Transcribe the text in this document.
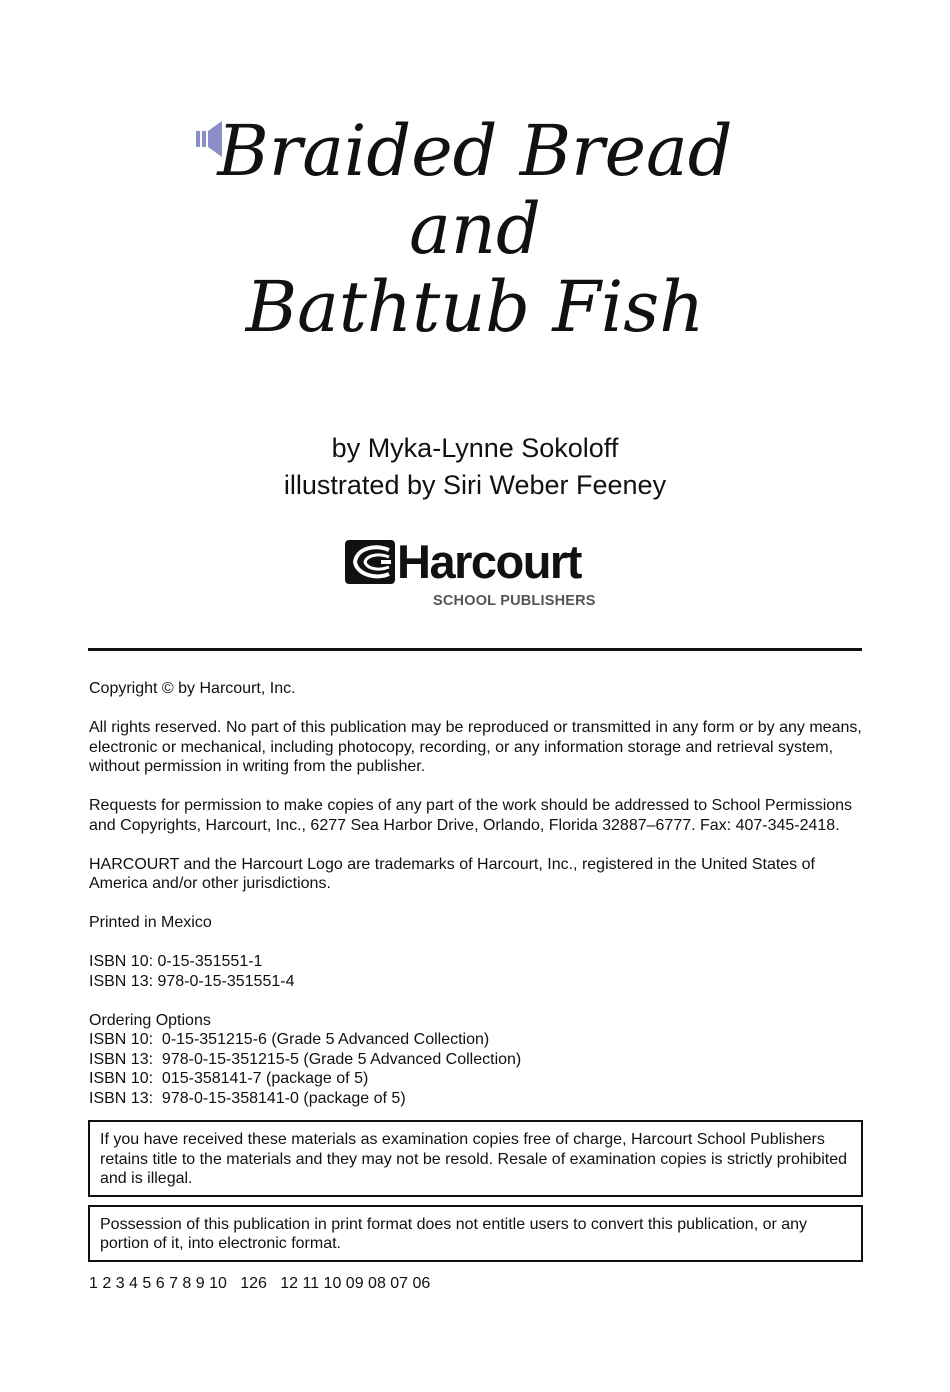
Braided Bread
and
Bathtub Fish
by Myka-Lynne Sokoloff
illustrated by Siri Weber Feeney
Harcourt
SCHOOL PUBLISHERS

Copyright © by Harcourt, Inc.

All rights reserved. No part of this publication may be reproduced or transmitted in any form or by any means, electronic or mechanical, including photocopy, recording, or any information storage and retrieval system, without permission in writing from the publisher.

Requests for permission to make copies of any part of the work should be addressed to School Permissions and Copyrights, Harcourt, Inc., 6277 Sea Harbor Drive, Orlando, Florida 32887–6777. Fax: 407-345-2418.

HARCOURT and the Harcourt Logo are trademarks of Harcourt, Inc., registered in the United States of America and/or other jurisdictions.

Printed in Mexico

ISBN 10: 0-15-351551-1
ISBN 13: 978-0-15-351551-4

Ordering Options
ISBN 10:  0-15-351215-6 (Grade 5 Advanced Collection)
ISBN 13:  978-0-15-351215-5 (Grade 5 Advanced Collection)
ISBN 10:  015-358141-7 (package of 5)
ISBN 13:  978-0-15-358141-0 (package of 5)

If you have received these materials as examination copies free of charge, Harcourt School Publishers retains title to the materials and they may not be resold. Resale of examination copies is strictly prohibited and is illegal.
Possession of this publication in print format does not entitle users to convert this publication, or any portion of it, into electronic format.
1 2 3 4 5 6 7 8 9 10   126   12 11 10 09 08 07 06
